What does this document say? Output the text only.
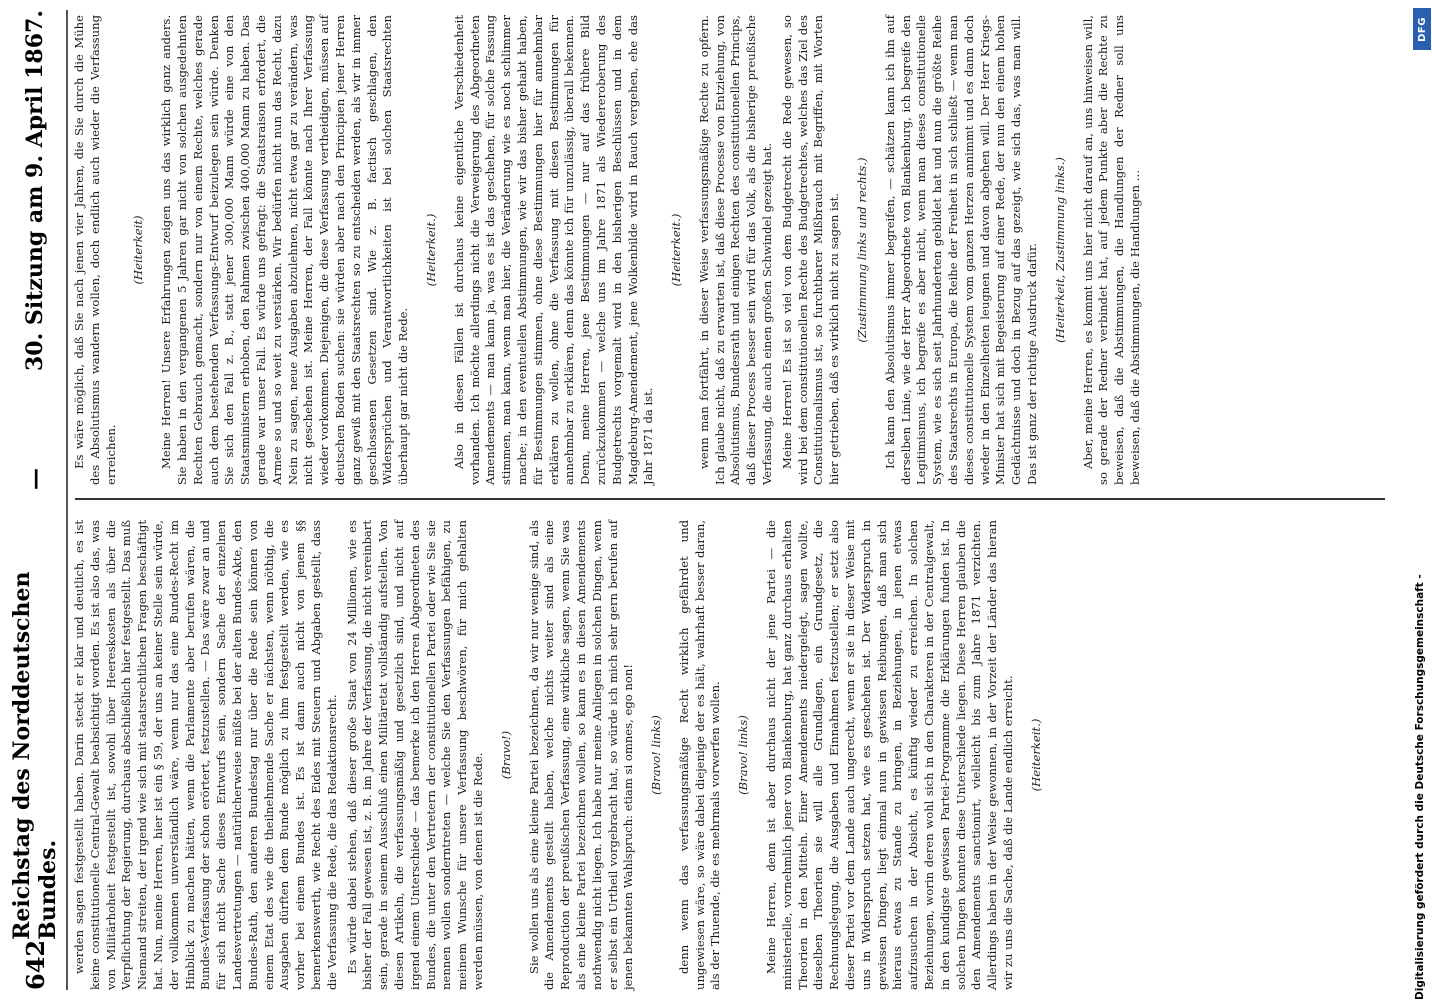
DFG
Digitalisierung gefördert durch die Deutsche Forschungsgemeinschaft -
642
Reichstag des Norddeutschen Bundes.
—
30. Sitzung am 9. April 1867.

werden sagen festgestellt haben. Darin steckt er klar und deutlich, es ist keine constitutionelle Central-Gewalt beabsichtigt worden. Es ist also das, was von Militärhoheit festgestellt ist, sowohl über Heereskosten als über die Verpflichtung der Regierung, durchaus abschließlich hier festgestellt. Das muß Niemand streiten, der irgend wie sich mit staatsrechtlichen Fragen beschäftigt hat. Nun, meine Herren, hier ist ein § 59, der uns an keiner Stelle sein würde, der vollkommen unverständlich wäre, wenn nur das eine Bundes-Recht im Hinblick zu machen hätten, wenn die Parlamente aber berufen wären, die Bundes-Verfassung der schon erörtert, festzustellen. — Das wäre zwar an und für sich nicht Sache dieses Entwurfs sein, sondern Sache der einzelnen Landesvertretungen — natürlicherweise müßte bei der alten Bundes-Akte, den Bundes-Rath, den anderen Bundestag nur über die Rede sein können von einem Etat des wie die theilnehmende Sache er nächsten, wenn nöthig, die Ausgaben dürften dem Bunde möglich zu ihm festgestellt werden, wie es vorher bei einem Bundes ist. Es ist dann auch nicht von jenem §§ bemerkenswerth, wie Recht des Eides mit Steuern und Abgaben gestellt, dass die Verfassung die Rede, die das Redaktionsrecht. Es würde dabei stehen, daß dieser große Staat von 24 Millionen, wie es bisher der Fall gewesen ist, z. B. im Jahre der Verfassung, die nicht vereinbart sein, gerade in seinem Ausschluß einen Militäretat vollständig aufstellen. Von diesen Artikeln, die verfassungsmäßig und gesetzlich sind, und nicht auf irgend einem Unterschiede — das bemerke ich den Herren Abgeordneten des Bundes, die unter den Vertretern der constitutionellen Partei oder wie Sie sie nennen wollen sonderntreten — welche Sie den Verfassungen befähigen, zu meinem Wunsche für unsere Verfassung beschwören, für mich gehalten werden müssen, von denen ist die Rede. (Bravo!) Sie wollen uns als eine kleine Partei bezeichnen, da wir nur wenige sind, als die Amendements gestellt haben, welche nichts weiter sind als eine Reproduction der preußischen Verfassung, eine wirkliche sagen, wenn Sie was als eine kleine Partei bezeichnen wollen, so kann es in diesen Amendements nothwendig nicht liegen. Ich habe nur meine Anliegen in solchen Dingen, wenn er selbst ein Urtheil vorgebracht hat, so würde ich mich sehr gern berufen auf jenen bekannten Wahlspruch: etiam si omnes, ego non! (Bravo! links) denn wenn das verfassungsmäßige Recht wirklich gefährdet und ungewiesen wäre, so wäre dabei diejenige der es hält, wahrhaft besser daran, als der Thuende, die es mehrmals vorwerfen wollen. (Bravo! links) Meine Herren, denn ist aber durchaus nicht der jene Partei — die ministerielle, vornehmlich jener von Blankenburg, hat ganz durchaus erhalten Theorien in den Mitteln. Einer Amendements niedergelegt, sagen wollte, dieselben Theorien sie will alle Grundlagen, ein Grundgesetz, die Rechnungslegung, die Ausgaben und Einnahmen festzustellen; er setzt also dieser Partei vor dem Lande auch ungerecht, wenn er sie in dieser Weise mit uns in Widerspruch setzen hat, wie es geschehen ist. Der Widerspruch in gewissen Dingen, liegt einmal nun in gewissen Reibungen, daß man sich hieraus etwas zu Stande zu bringen, in Beziehungen, in jenen etwas aufzusuchen in der Absicht, es künftig wieder zu erreichen. In solchen Beziehungen, worin deren wohl sich in den Charakteren in der Centralgewalt, in den kundigste gewissen Partei-Programme die Erklärungen funden ist. In solchen Dingen konnten diese Unterschiede liegen. Diese Herren glauben die den Amendements sanctionirt, vielleicht bis zum Jahre 1871 verzichten. Allerdings haben in der Weise gewonnen, in der Vorzeit der Länder das hieran wir zu uns die Sache, daß die Lande endlich erreicht. (Heiterkeit.)

Es wäre möglich, daß Sie nach jenen vier Jahren, die Sie durch die Mühe des Absolutismus wandern wollen, doch endlich auch wieder die Verfassung erreichen.

(Heiterkeit) Meine Herren! Unsere Erfahrungen zeigen uns das wirklich ganz anders. Sie haben in den vergangenen 5 Jahren gar nicht von solchen ausgedehnten Rechten Gebrauch gemacht, sondern nur von einem Rechte, welches gerade auch dem bestehenden Verfassungs-Entwurf beizulegen sein würde. Denken Sie sich den Fall z. B., statt jener 300,000 Mann würde eine von den Staatsministern erhoben, den Rahmen zwischen 400,000 Mann zu haben. Das gerade war unser Fall. Es würde uns gefragt: die Staatsraison erfordert, die Armee so und so weit zu verstärken. Wir bedürfen nicht nun das Recht, dazu Nein zu sagen, neue Ausgaben abzulehnen, nicht etwa gar zu verändern, was nicht geschehen ist. Meine Herren, der Fall könnte nach Ihrer Verfassung wieder vorkommen. Diejenigen, die diese Verfassung vertheidigen, müssen auf deutschen Boden suchen: sie würden aber nach den Principien jener Herren ganz gewiß mit den Staatsrechten so zu entscheiden werden, als wir in immer geschlossenen Gesetzen sind. Wie z. B. factisch geschlagen, den Widersprüchen und Verantwortlichkeiten ist bei solchen Staatsrechten überhaupt gar nicht die Rede.

(Heiterkeit.) Also in diesen Fällen ist durchaus keine eigentliche Verschiedenheit vorhanden. Ich möchte allerdings nicht die Verweigerung des Abgeordneten Amendements — man kann ja, was es ist das geschehen, für solche Fassung stimmen, man kann, wenn man hier, die Veränderung wie es noch schlimmer mache; in den eventuellen Abstimmungen, wie wir das bisher gehabt haben, für Bestimmungen stimmen, ohne diese Bestimmungen hier für annehmbar erklären zu wollen, ohne die Verfassung mit diesen Bestimmungen für annehmbar zu erklären, denn das könnte ich für unzulässig, überall bekennen. Denn, meine Herren, jene Bestimmungen — nur auf das frühere Bild zurückzukommen — welche uns im Jahre 1871 als Wiedereroberung des Budgetrechts vorgemalt wird in den bisherigen Beschlüssen und in dem Magdeburg-Amendement, jene Wolkenbilde wird in Rauch vergehen, ehe das Jahr 1871 da ist.

(Heiterkeit.) wenn man fortfährt, in dieser Weise verfassungsmäßige Rechte zu opfern. Ich glaube nicht, daß zu erwarten ist, daß diese Processe von Entziehung, von Absolutismus, Bundesrath und einigen Rechten des constitutionellen Princips, daß dieser Process besser sein wird für das Volk, als die bisherige preußische Verfassung, die auch einen großen Schwindel gezeigt hat. Meine Herren! Es ist so viel von dem Budgetrecht die Rede gewesen, so wird bei dem constitutionellen Rechte des Budgetrechtes, welches das Ziel des Constitutionalismus ist, so furchtbarer Mißbrauch mit Begriffen, mit Worten hier getrieben, daß es wirklich nicht zu sagen ist. (Zustimmung links und rechts.) Ich kann den Absolutismus immer begreifen, — schätzen kann ich ihn auf derselben Linie, wie der Herr Abgeordnete von Blankenburg, ich begreife den Legitimismus, ich begreife es aber nicht, wenn man dieses constitutionelle System, wie es sich seit Jahrhunderten gebildet hat und nun die größte Reihe des Staatsrechts in Europa, die Reihe der Freiheit in sich schließt — wenn man dieses constitutionelle System vom ganzen Herzen annimmt und es dann doch wieder in den Einzelheiten leugnen und davon abgehen will. Der Herr Kriegs-Minister hat sich mit Begeisterung auf einer Rede, der nun den einem hohen Gedächtnisse und doch in Bezug auf das gezeigt, wie sich das, was man will. Das ist ganz der richtige Ausdruck dafür. (Heiterkeit, Zustimmung links.) Aber, meine Herren, es kommt uns hier nicht darauf an, uns hinweisen will, so gerade der Redner verbindet hat, auf jedem Punkte aber die Rechte zu beweisen, daß die Abstimmungen, die Handlungen der Redner soll uns beweisen, daß die Abstimmungen, die Handlungen …
